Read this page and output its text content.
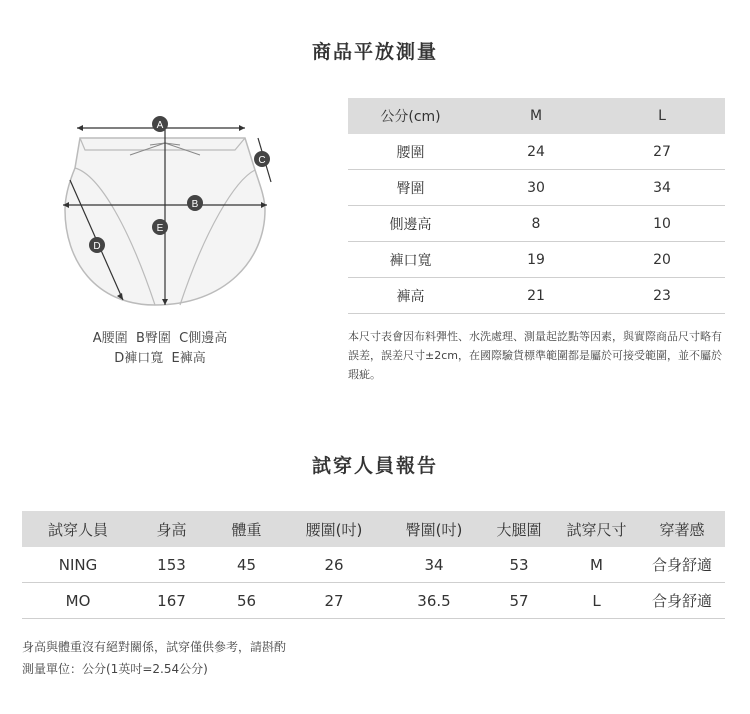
商品平放測量
A
C
B
E
D
A腰圍  B臀圍  C側邊高
D褲口寬  E褲高
公分(cm)	M	L
腰圍	24	27
臀圍	30	34
側邊高	8	10
褲口寬	19	20
褲高	21	23
本尺寸表會因布料彈性、水洗處理、測量起訖點等因素，與實際商品尺寸略有誤差，誤差尺寸±2cm，在國際驗貨標準範圍都是屬於可接受範圍，並不屬於瑕疵。
試穿人員報告
試穿人員	身高	體重	腰圍(吋)	臀圍(吋)	大腿圍	試穿尺寸	穿著感
NING	153	45	26	34	53	M	合身舒適
MO	167	56	27	36.5	57	L	合身舒適
身高與體重沒有絕對關係，試穿僅供參考，請斟酌
測量單位：公分(1英吋=2.54公分)
